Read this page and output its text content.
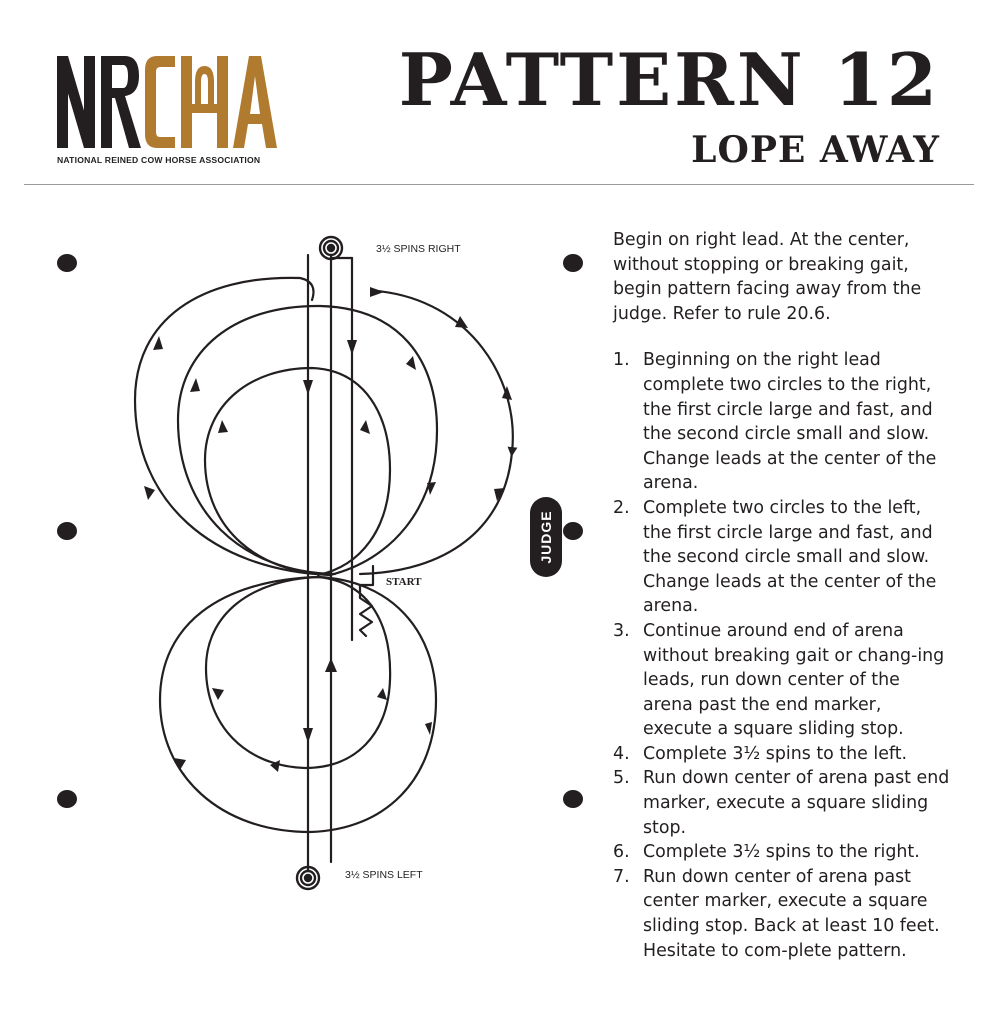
NATIONAL REINED COW HORSE ASSOCIATION
PATTERN 12
LOPE AWAY
3½ SPINS RIGHT
3½ SPINS LEFT
START
JUDGE

Begin on right lead. At the center, without stopping or breaking gait, begin pattern facing away from the judge. Refer to rule 20.6.

1. Beginning on the right lead complete two circles to the right, the first circle large and fast, and the second circle small and slow. Change leads at the center of the arena.
2. Complete two circles to the left, the first circle large and fast, and the second circle small and slow. Change leads at the center of the arena.
3. Continue around end of arena without breaking gait or chang-ing leads, run down center of the arena past the end marker, execute a square sliding stop.
4. Complete 3½ spins to the left.
5. Run down center of arena past end marker, execute a square sliding stop.
6. Complete 3½ spins to the right.
7. Run down center of arena past center marker, execute a square sliding stop. Back at least 10 feet. Hesitate to com-plete pattern.
